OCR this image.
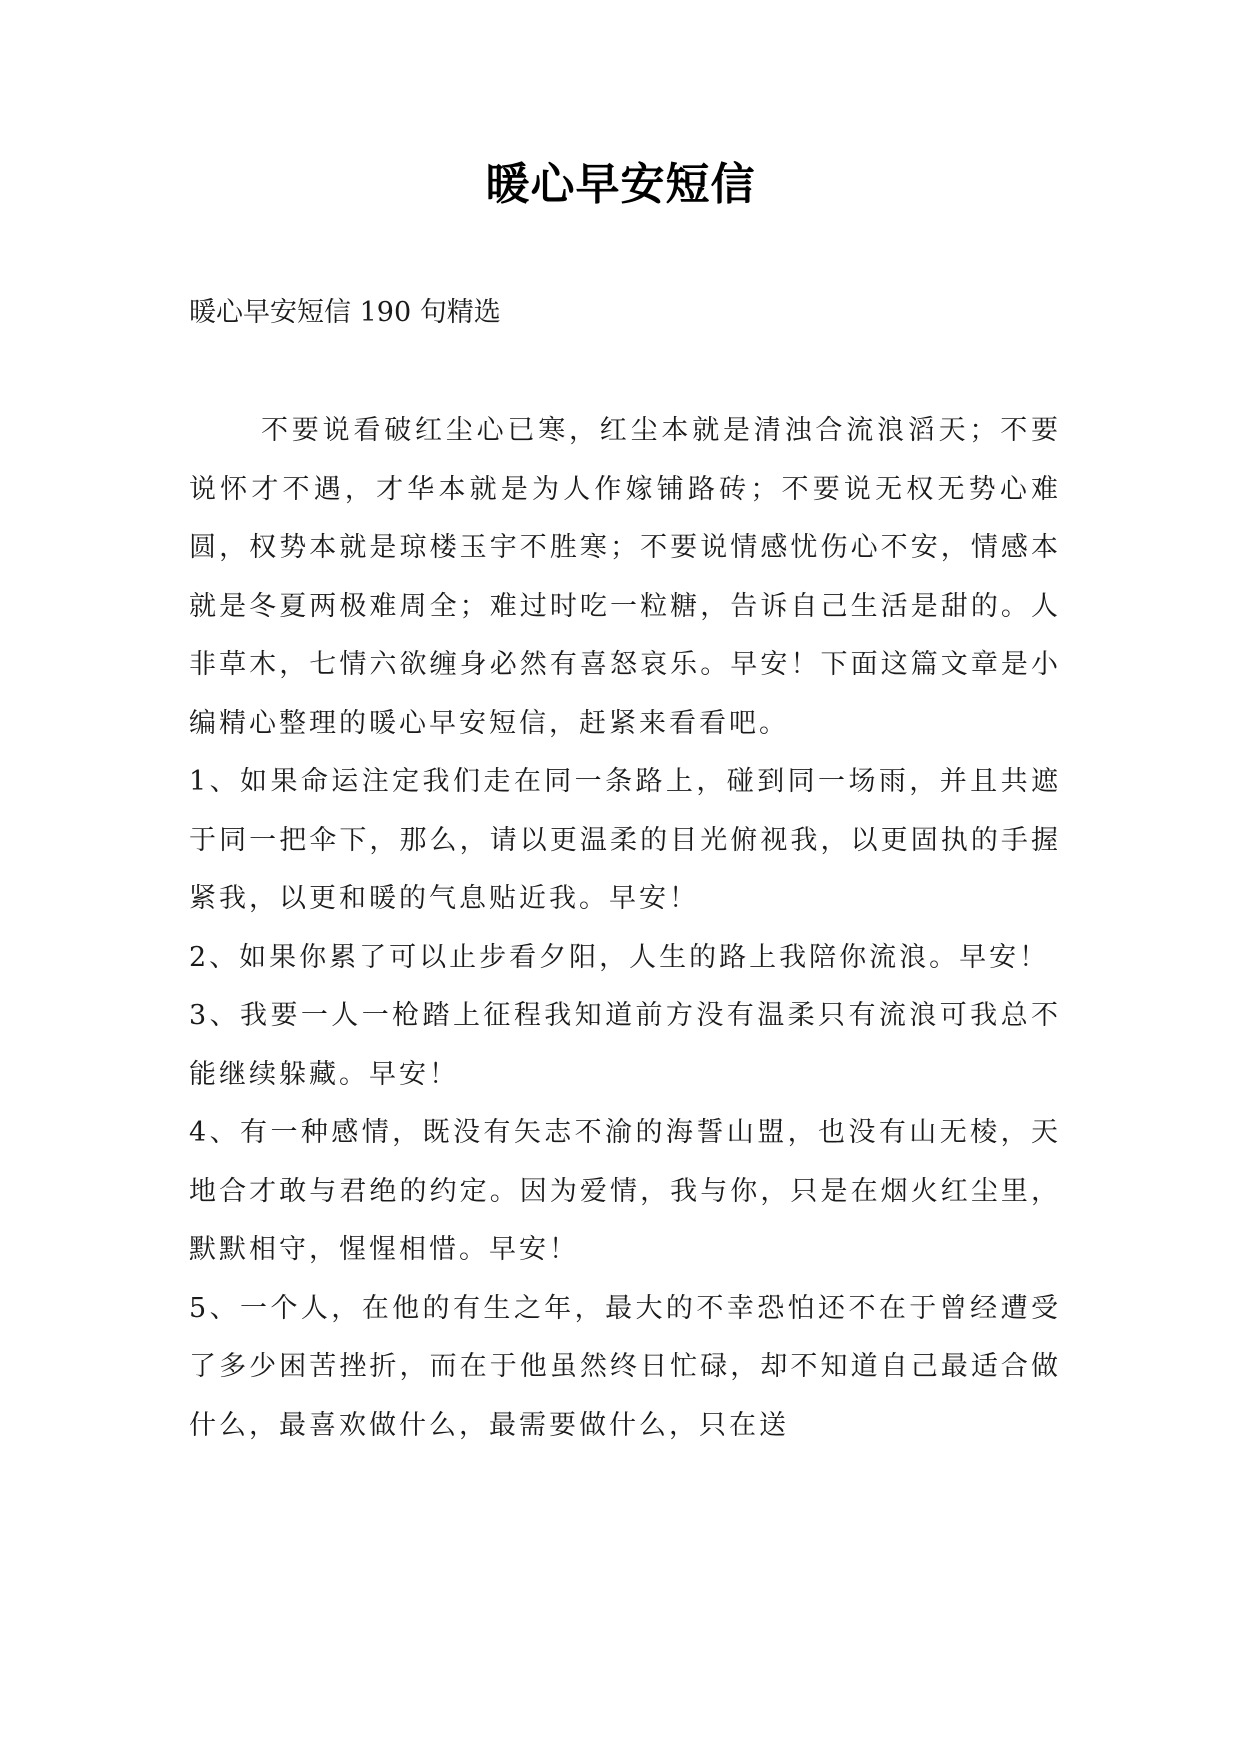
暖心早安短信
暖心早安短信 190 句精选

不要说看破红尘心已寒，红尘本就是清浊合流浪滔天；不要说怀才不遇，才华本就是为人作嫁铺路砖；不要说无权无势心难圆，权势本就是琼楼玉宇不胜寒；不要说情感忧伤心不安，情感本就是冬夏两极难周全；难过时吃一粒糖，告诉自己生活是甜的。人非草木，七情六欲缠身必然有喜怒哀乐。早安！下面这篇文章是小编精心整理的暖心早安短信，赶紧来看看吧。

1、如果命运注定我们走在同一条路上，碰到同一场雨，并且共遮于同一把伞下，那么，请以更温柔的目光俯视我，以更固执的手握紧我，以更和暖的气息贴近我。早安！

2、如果你累了可以止步看夕阳，人生的路上我陪你流浪。早安！

3、我要一人一枪踏上征程我知道前方没有温柔只有流浪可我总不能继续躲藏。早安！

4、有一种感情，既没有矢志不渝的海誓山盟，也没有山无棱，天地合才敢与君绝的约定。因为爱情，我与你，只是在烟火红尘里，默默相守，惺惺相惜。早安！

5、一个人，在他的有生之年，最大的不幸恐怕还不在于曾经遭受了多少困苦挫折，而在于他虽然终日忙碌，却不知道自己最适合做什么，最喜欢做什么，最需要做什么，只在送
